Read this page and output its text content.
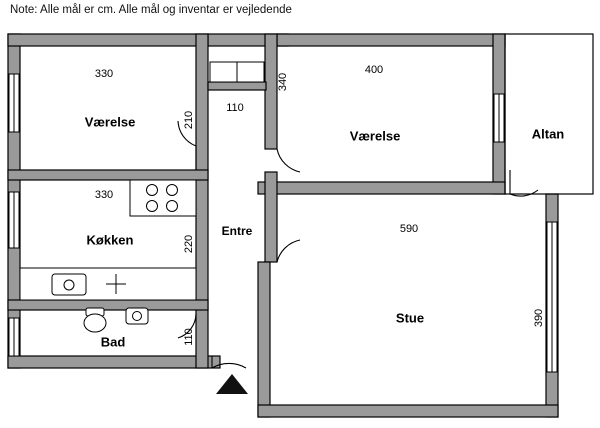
Note: Alle mål er cm. Alle mål og inventar er vejledende
Værelse
Køkken
Bad
Entre
Værelse
Stue
Altan
330
210
110
340
400
330
220
590
390
110
